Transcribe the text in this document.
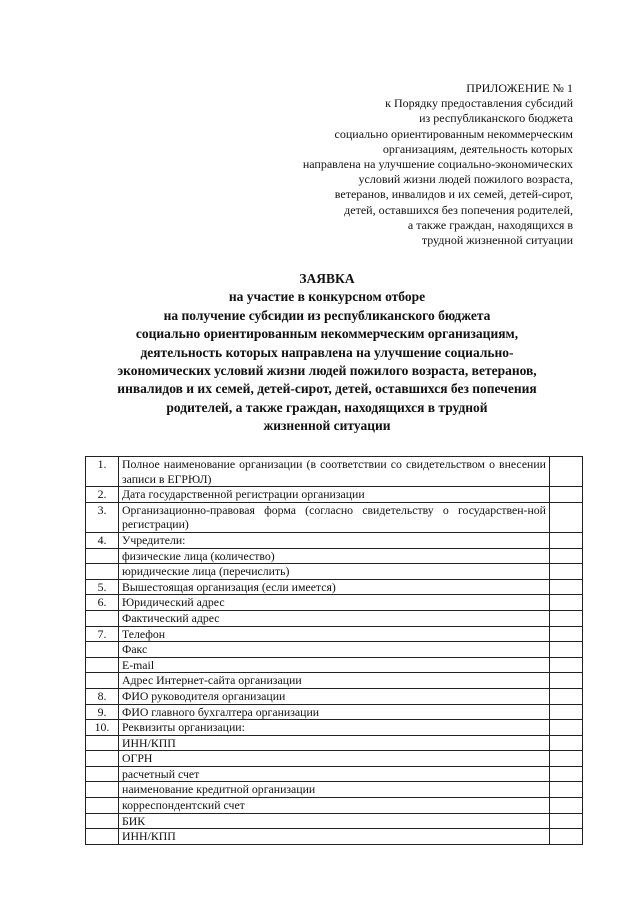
ПРИЛОЖЕНИЕ № 1
к Порядку предоставления субсидий
из республиканского бюджета
социально ориентированным некоммерческим
организациям, деятельность которых
направлена на улучшение социально-экономических
условий жизни людей пожилого возраста,
ветеранов, инвалидов и их семей, детей-сирот,
детей, оставшихся без попечения родителей,
а также граждан, находящихся в
трудной жизненной ситуации
ЗАЯВКА
на участие в конкурсном отборе
на получение субсидии из республиканского бюджета
социально ориентированным некоммерческим организациям,
деятельность которых направлена на улучшение социально-
экономических условий жизни людей пожилого возраста, ветеранов,
инвалидов и их семей, детей-сирот, детей, оставшихся без попечения
родителей, а также граждан, находящихся в трудной
жизненной ситуации
1.	Полное наименование организации (в соответствии со свидетельством о внесении записи в ЕГРЮЛ)	
2.	Дата государственной регистрации организации	
3.	Организационно-правовая форма (согласно свидетельству о государствен-ной регистрации)	
4.	Учредители:	
	физические лица (количество)	
	юридические лица (перечислить)	
5.	Вышестоящая организация (если имеется)	
6.	Юридический адрес	
	Фактический адрес	
7.	Телефон	
	Факс	
	E-mail	
	Адрес Интернет-сайта организации	
8.	ФИО руководителя организации	
9.	ФИО главного бухгалтера организации	
10.	Реквизиты организации:	
	ИНН/КПП	
	ОГРН	
	расчетный счет	
	наименование кредитной организации	
	корреспондентский счет	
	БИК	
	ИНН/КПП	
